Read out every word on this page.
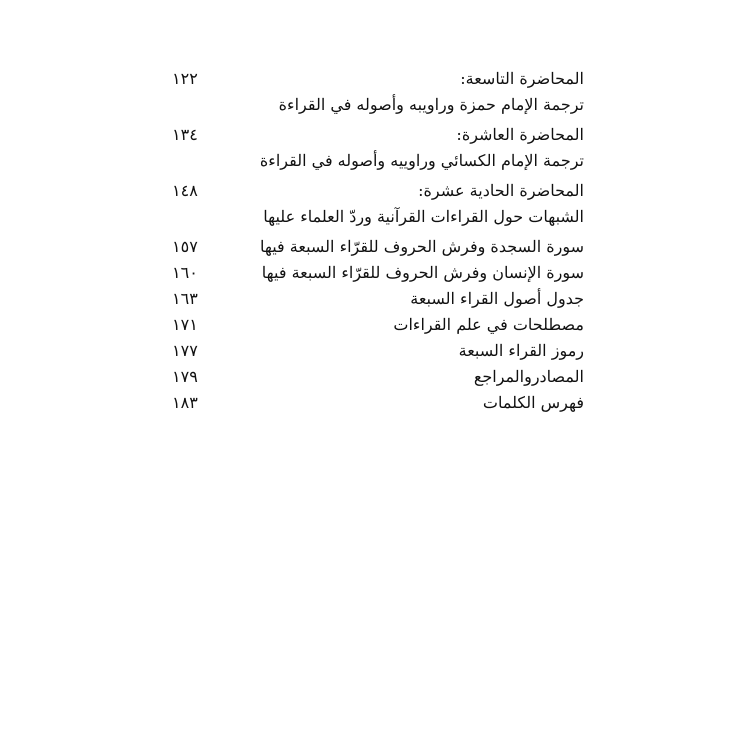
المحاضرة التاسعة:
١٢٢
ترجمة الإمام حمزة وراويبه وأصوله في القراءة
المحاضرة العاشرة:
١٣٤
ترجمة الإمام الكسائي وراوييه وأصوله في القراءة
المحاضرة الحادية عشرة:
١٤٨
الشبهات حول القراءات القرآنية وردّ العلماء عليها
سورة السجدة وفرش الحروف للقرّاء السبعة فيها
١٥٧
سورة الإنسان وفرش الحروف للقرّاء السبعة فيها
١٦٠
جدول أصول القراء السبعة
١٦٣
مصطلحات في علم القراءات
١٧١
رموز القراء السبعة
١٧٧
المصادروالمراجع
١٧٩
فهرس الكلمات
١٨٣
